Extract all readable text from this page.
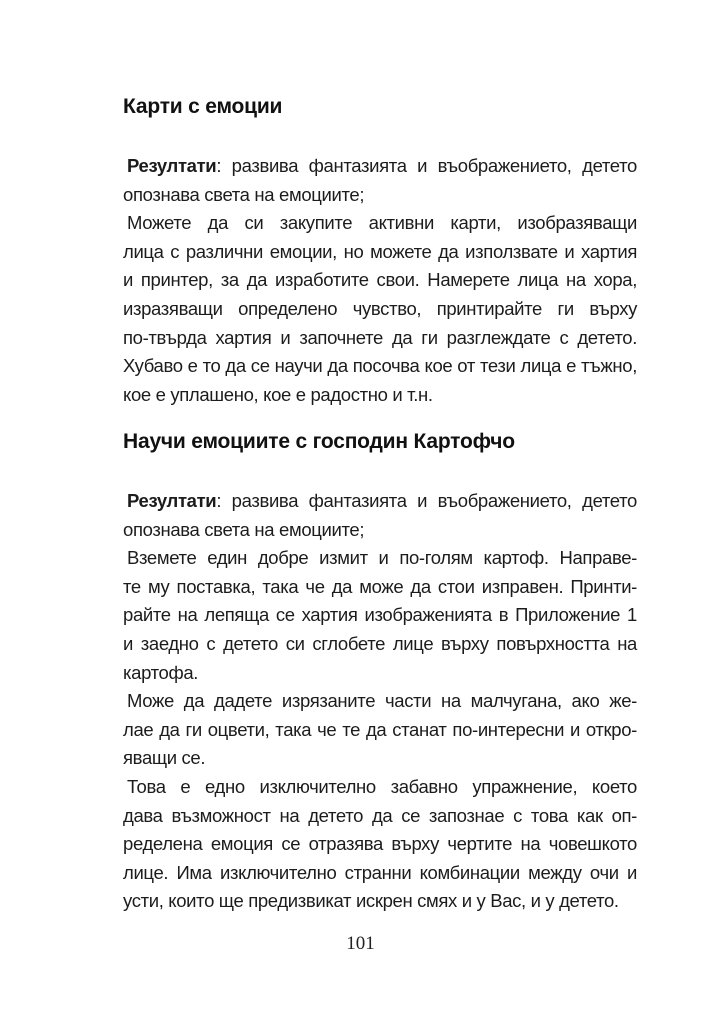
Карти с емоции

Резултати: развива фантазията и въображението, детето
опознава света на емоциите;

Можете да си закупите активни карти, изобразяващи
лица с различни емоции, но можете да използвате и хартия
и принтер, за да изработите свои. Намерете лица на хора,
изразяващи определено чувство, принтирайте ги върху
по-твърда хартия и започнете да ги разглеждате с детето.
Хубаво е то да се научи да посочва кое от тези лица е тъжно,
кое е уплашено, кое е радостно и т.н.

Научи емоциите с господин Картофчо

Резултати: развива фантазията и въображението, детето
опознава света на емоциите;

Вземете един добре измит и по-голям картоф. Направе-
те му поставка, така че да може да стои изправен. Принти-
райте на лепяща се хартия изображенията в Приложение 1
и заедно с детето си сглобете лице върху повърхността на
картофа.

Може да дадете изрязаните части на малчугана, ако же-
лае да ги оцвети, така че те да станат по-интересни и откро-
яващи се.

Това е едно изключително забавно упражнение, което
дава възможност на детето да се запознае с това как оп-
ределена емоция се отразява върху чертите на човешкото
лице. Има изключително странни комбинации между очи и
усти, които ще предизвикат искрен смях и у Вас, и у детето.

101
